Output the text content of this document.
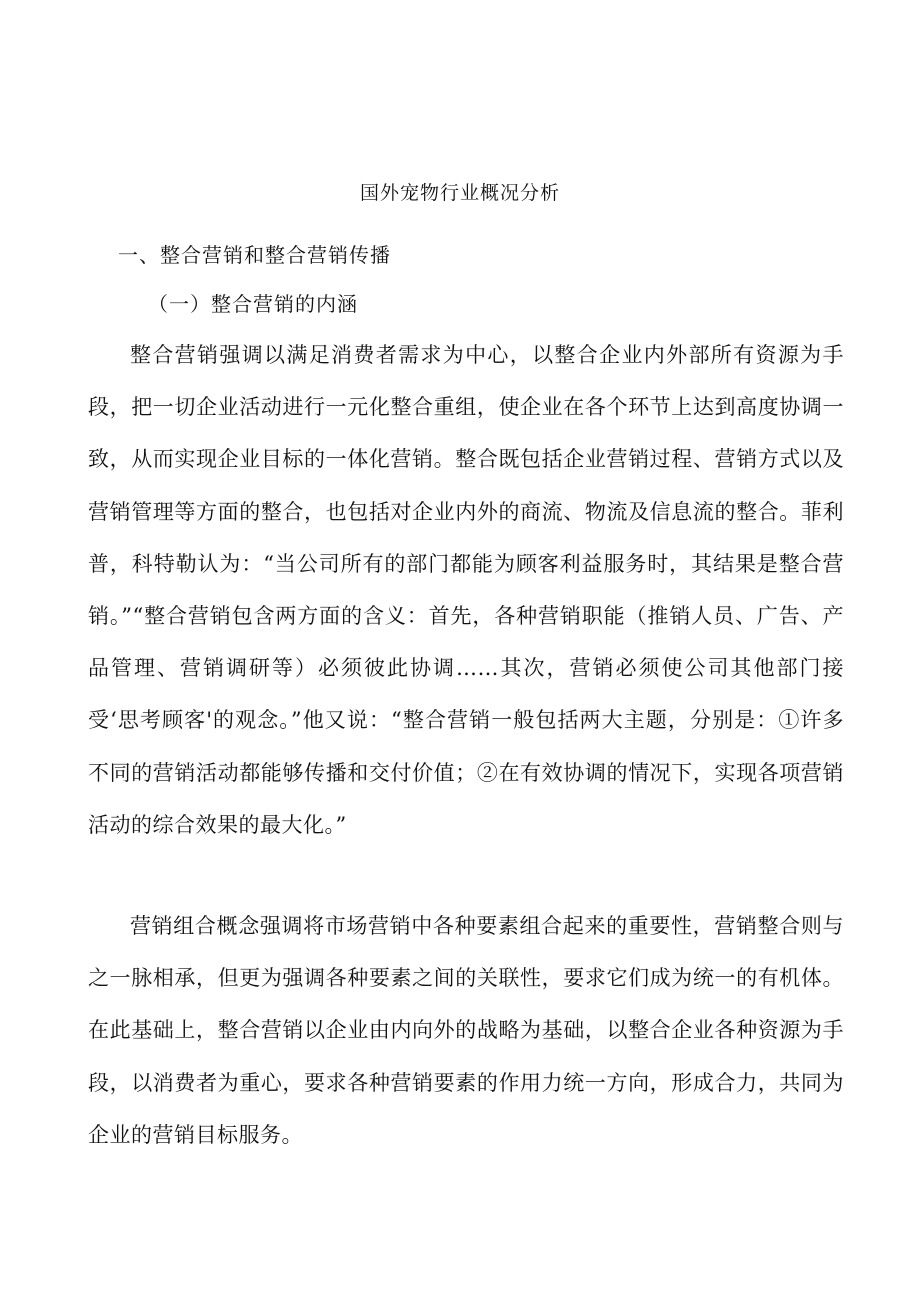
国外宠物行业概况分析
一、整合营销和整合营销传播
（一）整合营销的内涵

整合营销强调以满足消费者需求为中心，以整合企业内外部所有资源为手段，把一切企业活动进行一元化整合重组，使企业在各个环节上达到高度协调一致，从而实现企业目标的一体化营销。整合既包括企业营销过程、营销方式以及营销管理等方面的整合，也包括对企业内外的商流、物流及信息流的整合。菲利普，科特勒认为：“当公司所有的部门都能为顾客利益服务时，其结果是整合营销。”“整合营销包含两方面的含义：首先，各种营销职能（推销人员、广告、产品管理、营销调研等）必须彼此协调……其次，营销必须使公司其他部门接受‘思考顾客'的观念。”他又说：“整合营销一般包括两大主题，分别是：①许多不同的营销活动都能够传播和交付价值；②在有效协调的情况下，实现各项营销活动的综合效果的最大化。”

营销组合概念强调将市场营销中各种要素组合起来的重要性，营销整合则与之一脉相承，但更为强调各种要素之间的关联性，要求它们成为统一的有机体。在此基础上，整合营销以企业由内向外的战略为基础，以整合企业各种资源为手段，以消费者为重心，要求各种营销要素的作用力统一方向，形成合力，共同为企业的营销目标服务。
